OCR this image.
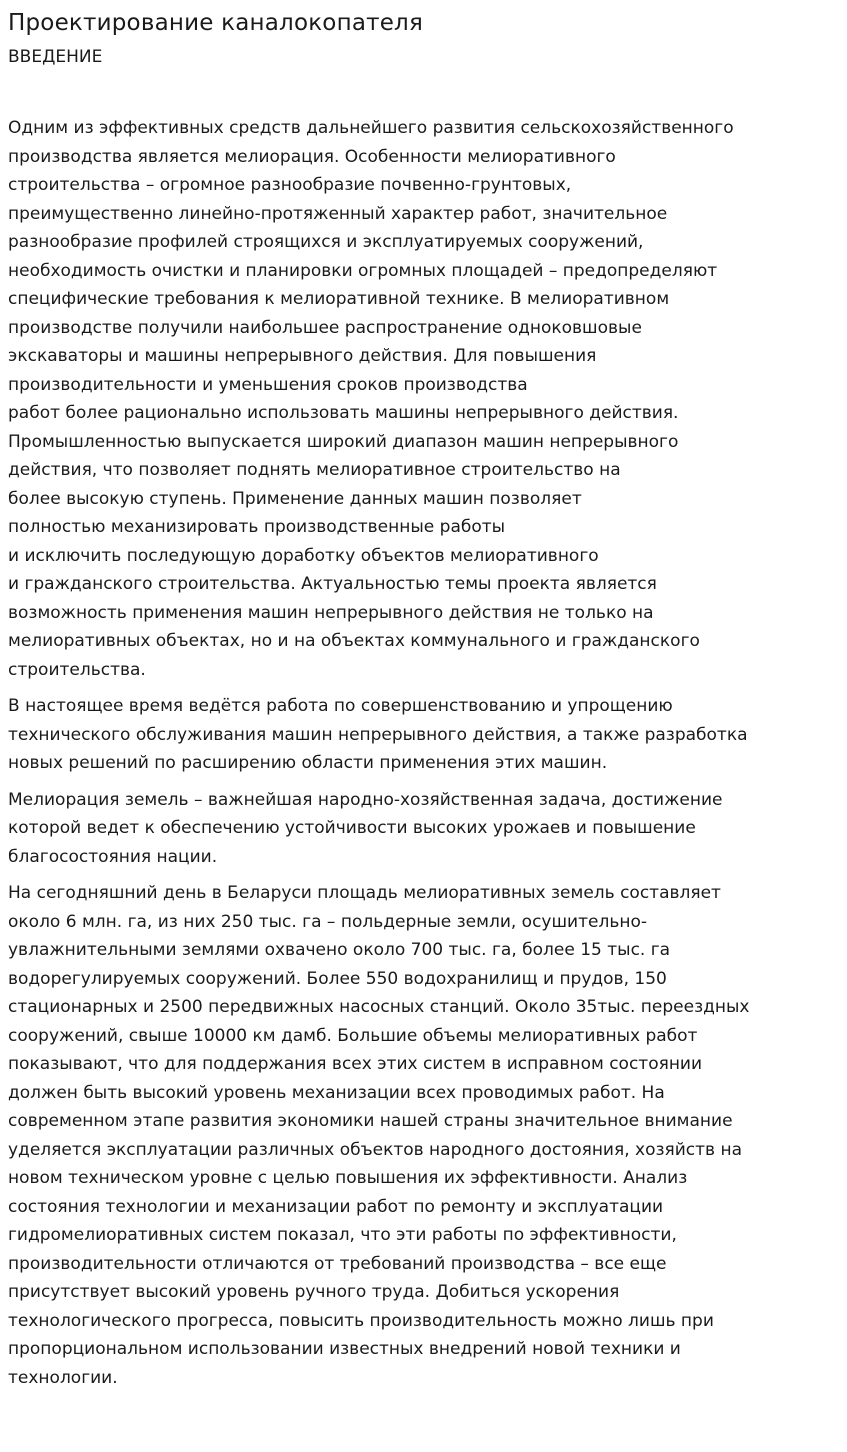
Проектирование каналокопателя
ВВЕДЕНИЕ

Одним из эффективных средств дальнейшего развития сельскохозяйственного
производства является мелиорация. Особенности мелиоративного
строительства – огромное разнообразие почвенно-грунтовых,
преимущественно линейно-протяженный характер работ, значительное
разнообразие профилей строящихся и эксплуатируемых сооружений,
необходимость очистки и планировки огромных площадей – предопределяют
специфические требования к мелиоративной технике. В мелиоративном
производстве получили наибольшее распространение одноковшовые
экскаваторы и машины непрерывного действия. Для повышения
производительности и уменьшения сроков производства
работ более рационально использовать машины непрерывного действия.
Промышленностью выпускается широкий диапазон машин непрерывного
действия, что позволяет поднять мелиоративное строительство на
более высокую ступень. Применение данных машин позволяет
полностью механизировать производственные работы
и исключить последующую доработку объектов мелиоративного
и гражданского строительства. Актуальностью темы проекта является
возможность применения машин непрерывного действия не только на
мелиоративных объектах, но и на объектах коммунального и гражданского
строительства.

В настоящее время ведётся работа по совершенствованию и упрощению
технического обслуживания машин непрерывного действия, а также разработка
новых решений по расширению области применения этих машин.

Мелиорация земель – важнейшая народно-хозяйственная задача, достижение
которой ведет к обеспечению устойчивости высоких урожаев и повышение
благосостояния нации.

На сегодняшний день в Беларуси площадь мелиоративных земель составляет
около 6 млн. га, из них 250 тыс. га – польдерные земли, осушительно-
увлажнительными землями охвачено около 700 тыс. га, более 15 тыс. га
водорегулируемых сооружений. Более 550 водохранилищ и прудов, 150
стационарных и 2500 передвижных насосных станций. Около 35тыс. переездных
сооружений, свыше 10000 км дамб. Большие объемы мелиоративных работ
показывают, что для поддержания всех этих систем в исправном состоянии
должен быть высокий уровень механизации всех проводимых работ. На
современном этапе развития экономики нашей страны значительное внимание
уделяется эксплуатации различных объектов народного достояния, хозяйств на
новом техническом уровне с целью повышения их эффективности. Анализ
состояния технологии и механизации работ по ремонту и эксплуатации
гидромелиоративных систем показал, что эти работы по эффективности,
производительности отличаются от требований производства – все еще
присутствует высокий уровень ручного труда. Добиться ускорения
технологического прогресса, повысить производительность можно лишь при
пропорциональном использовании известных внедрений новой техники и
технологии.
